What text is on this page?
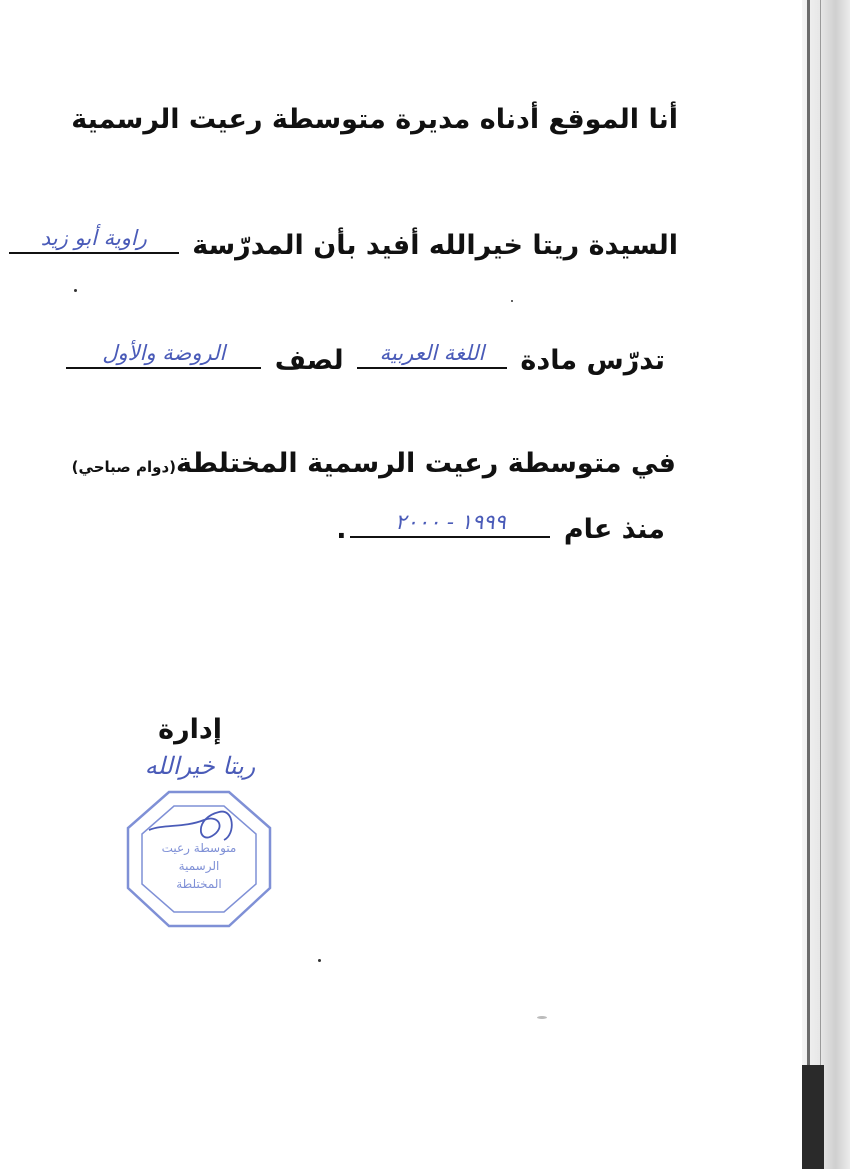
أنا الموقع أدناه مديرة متوسطة رعيت الرسمية
السيدة ريتا خيرالله أفيد بأن المدرّسة
راوية أبو زيد
تدرّس مادة
اللغة العربية
لصف
الروضة والأول
في متوسطة رعيت الرسمية المختلطة(دوام صباحي)
منذ عام
١٩٩٩ - ٢٠٠٠
.
إدارة
ريتا خيرالله
متوسطة رعيت
الرسمية
المختلطة
